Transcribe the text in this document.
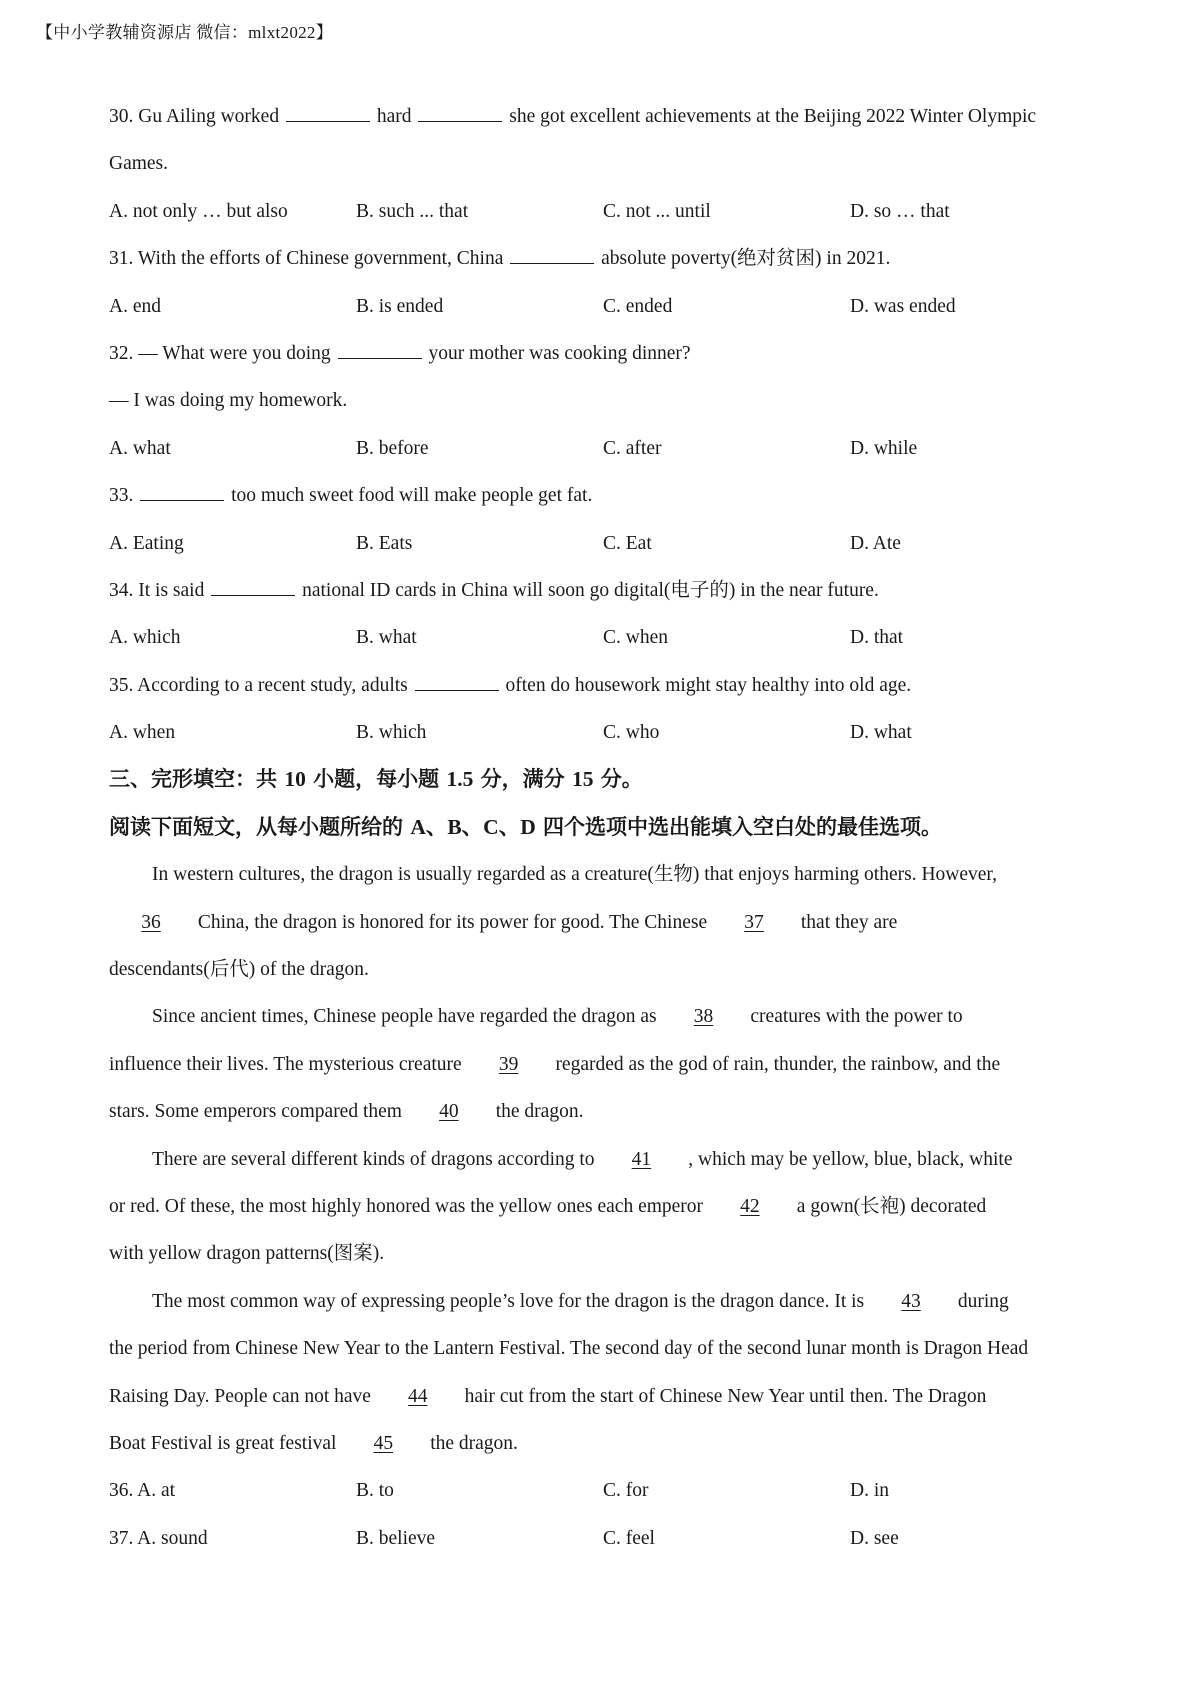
【中小学教辅资源店 微信：mlxt2022】
30. Gu Ailing worked	hard	she got excellent achievements at the Beijing 2022 Winter Olympic
Games.
A. not only … but also	B. such ... that	C. not ... until	D. so … that
31. With the efforts of Chinese government, China	absolute poverty(绝对贫困) in 2021.
A. end	B. is ended	C. ended	D. was ended
32. — What were you doing	your mother was cooking dinner?
— I was doing my homework.
A. what	B. before	C. after	D. while
33.	too much sweet food will make people get fat.
A. Eating	B. Eats	C. Eat	D. Ate
34. It is said	national ID cards in China will soon go digital(电子的) in the near future.
A. which	B. what	C. when	D. that
35. According to a recent study, adults	often do housework might stay healthy into old age.
A. when	B. which	C. who	D. what
三、完形填空：共 10 小题，每小题 1.5 分，满分 15 分。
阅读下面短文，从每小题所给的 A、B、C、D 四个选项中选出能填入空白处的最佳选项。
In western cultures, the dragon is usually regarded as a creature(生物) that enjoys harming others. However,
36 China, the dragon is honored for its power for good. The Chinese 37 that they are
descendants(后代) of the dragon.
Since ancient times, Chinese people have regarded the dragon as 38 creatures with the power to
influence their lives. The mysterious creature 39 regarded as the god of rain, thunder, the rainbow, and the
stars. Some emperors compared them 40 the dragon.
There are several different kinds of dragons according to 41 , which may be yellow, blue, black, white
or red. Of these, the most highly honored was the yellow ones each emperor 42 a gown(长袍) decorated
with yellow dragon patterns(图案).
The most common way of expressing people’s love for the dragon is the dragon dance. It is 43 during
the period from Chinese New Year to the Lantern Festival. The second day of the second lunar month is Dragon Head
Raising Day. People can not have 44 hair cut from the start of Chinese New Year until then. The Dragon
Boat Festival is great festival 45 the dragon.
36. A. at	B. to	C. for	D. in
37. A. sound	B. believe	C. feel	D. see
